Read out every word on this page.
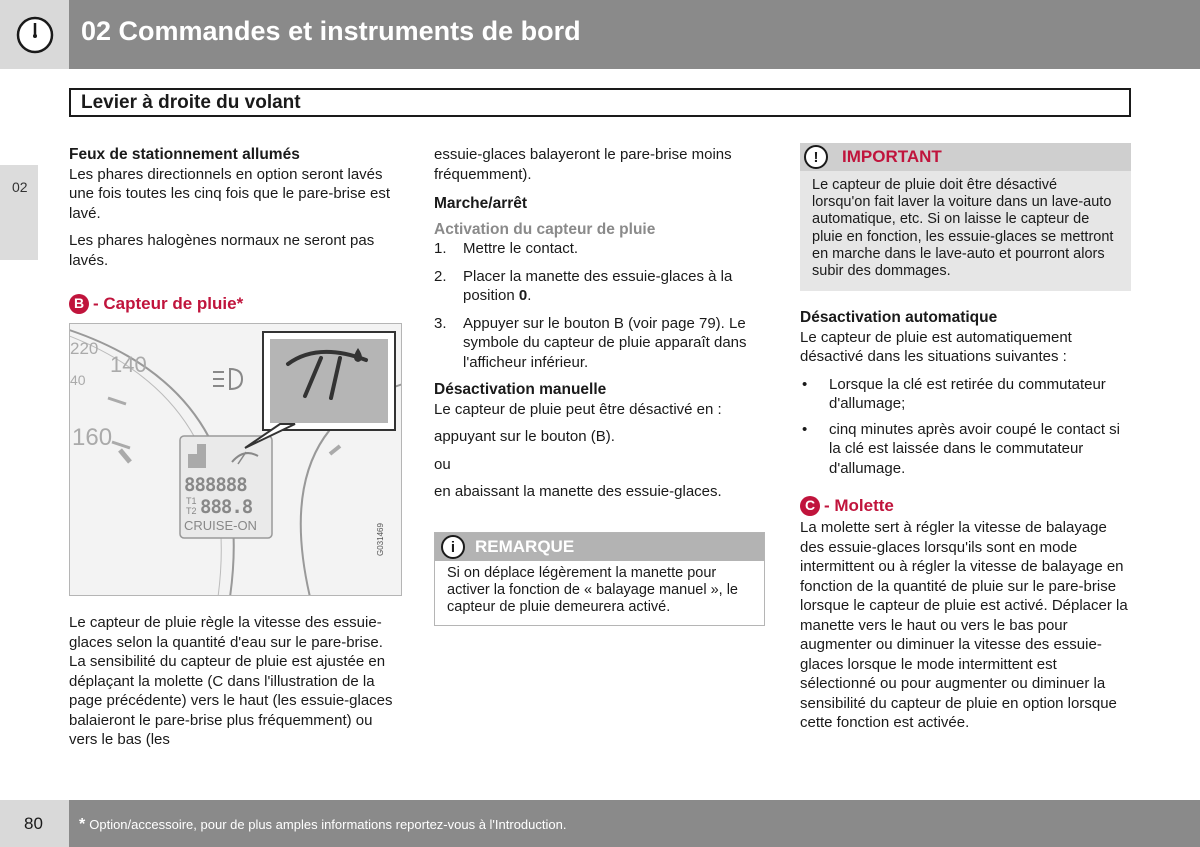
02 Commandes et instruments de bord
Levier à droite du volant
02
Feux de stationnement allumés

Les phares directionnels en option seront lavés une fois toutes les cinq fois que le pare-brise est lavé.

Les phares halogènes normaux ne seront pas lavés.

B - Capteur de pluie*
220
140
40
160
888888
T1
T2 888.8
CRUISE-ON	G031469

Le capteur de pluie règle la vitesse des essuie-glaces selon la quantité d'eau sur le pare-brise. La sensibilité du capteur de pluie est ajustée en déplaçant la molette (C dans l'illustration de la page précédente) vers le haut (les essuie-glaces balaieront le pare-brise plus fréquemment) ou vers le bas (les

essuie-glaces balayeront le pare-brise moins fréquemment).

Marche/arrêt
Activation du capteur de pluie
1. Mettre le contact.
2. Placer la manette des essuie-glaces à la position 0.
3. Appuyer sur le bouton B (voir page 79). Le symbole du capteur de pluie apparaît dans l'afficheur inférieur.
Désactivation manuelle

Le capteur de pluie peut être désactivé en :

appuyant sur le bouton (B).

ou

en abaissant la manette des essuie-glaces.

i	REMARQUE
Si on déplace légèrement la manette pour activer la fonction de « balayage manuel », le capteur de pluie demeurera activé.
!	IMPORTANT
Le capteur de pluie doit être désactivé lorsqu'on fait laver la voiture dans un lave-auto automatique, etc. Si on laisse le capteur de pluie en fonction, les essuie-glaces se mettront en marche dans le lave-auto et pourront alors subir des dommages.
Désactivation automatique

Le capteur de pluie est automatiquement désactivé dans les situations suivantes :

• Lorsque la clé est retirée du commutateur d'allumage;
• cinq minutes après avoir coupé le contact si la clé est laissée dans le commutateur d'allumage.
C - Molette

La molette sert à régler la vitesse de balayage des essuie-glaces lorsqu'ils sont en mode intermittent ou à régler la vitesse de balayage en fonction de la quantité de pluie sur le pare-brise lorsque le capteur de pluie est activé. Déplacer la manette vers le haut ou vers le bas pour augmenter ou diminuer la vitesse des essuie-glaces lorsque le mode intermittent est sélectionné ou pour augmenter ou diminuer la sensibilité du capteur de pluie en option lorsque cette fonction est activée.

80 * Option/accessoire, pour de plus amples informations reportez-vous à l'Introduction.
